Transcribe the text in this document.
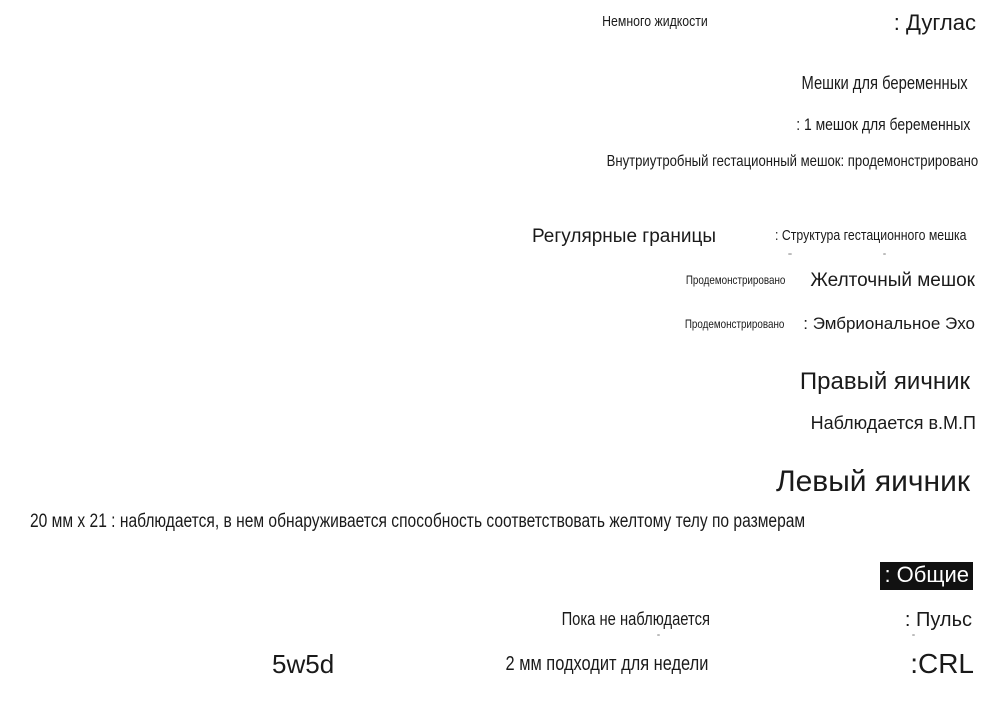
Немного жидкости	: Дуглас
Мешки для беременных
: 1 мешок для беременных
Внутриутробный гестационный мешок: продемонстрировано
Регулярные границы	: Структура гестационного мешка
Продемонстрировано Желточный мешок
Продемонстрировано : Эмбриональное Эхо
Правый яичник
Наблюдается в.М.П
Левый яичник
20 мм x 21 : наблюдается, в нем обнаруживается способность соответствовать желтому телу по размерам
: Общие
Пока не наблюдается	: Пульс
5w5d	2 мм подходит для недели	:CRL
